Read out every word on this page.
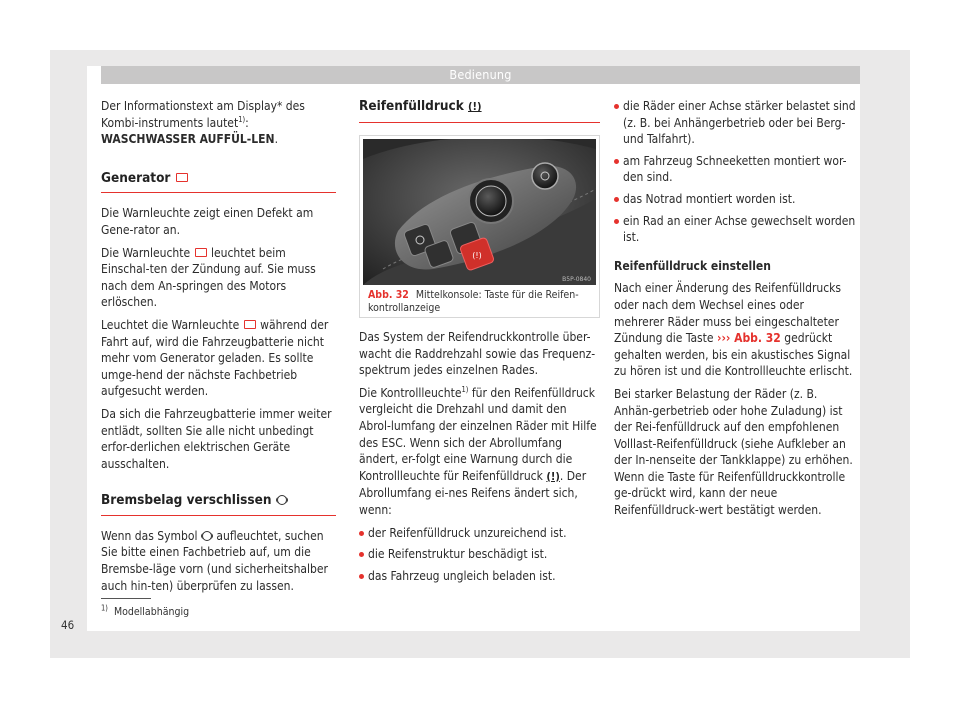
Bedienung

Der Informationstext am Display* des Kombi-instruments lautet$^{1)}$: WASCHWASSER AUFFÜL-LEN.

Generator

Die Warnleuchte zeigt einen Defekt am Gene-rator an.

Die Warnleuchte leuchtet beim Einschal-ten der Zündung auf. Sie muss nach dem An-springen des Motors erlöschen.

Leuchtet die Warnleuchte während der Fahrt auf, wird die Fahrzeugbatterie nicht mehr vom Generator geladen. Es sollte umge-hend der nächste Fachbetrieb aufgesucht werden.

Da sich die Fahrzeugbatterie immer weiter entlädt, sollten Sie alle nicht unbedingt erfor-derlichen elektrischen Geräte ausschalten.

Bremsbelag verschlissen

Wenn das Symbol aufleuchtet, suchen Sie bitte einen Fachbetrieb auf, um die Bremsbe-läge vorn (und sicherheitshalber auch hin-ten) überprüfen zu lassen.

Reifenfülldruck (!)
(!)
B5P-0840
Abb. 32 Mittelkonsole: Taste für die Reifen-kontrollanzeige

Das System der Reifendruckkontrolle über-wacht die Raddrehzahl sowie das Frequenz-spektrum jedes einzelnen Rades.

Die Kontrollleuchte$^{1)}$ für den Reifenfülldruck vergleicht die Drehzahl und damit den Abrol-lumfang der einzelnen Räder mit Hilfe des ESC. Wenn sich der Abrollumfang ändert, er-folgt eine Warnung durch die Kontrollleuchte für Reifenfülldruck (!). Der Abrollumfang ei-nes Reifens ändert sich, wenn:

der Reifenfülldruck unzureichend ist.
die Reifenstruktur beschädigt ist.
das Fahrzeug ungleich beladen ist.
die Räder einer Achse stärker belastet sind (z. B. bei Anhängerbetrieb oder bei Berg- und Talfahrt).
am Fahrzeug Schneeketten montiert wor-den sind.
das Notrad montiert worden ist.
ein Rad an einer Achse gewechselt worden ist.

Reifenfülldruck einstellen

Nach einer Änderung des Reifenfülldrucks oder nach dem Wechsel eines oder mehrerer Räder muss bei eingeschalteter Zündung die Taste ››› Abb. 32 gedrückt gehalten werden, bis ein akustisches Signal zu hören ist und die Kontrollleuchte erlischt.

Bei starker Belastung der Räder (z. B. Anhän-gerbetrieb oder hohe Zuladung) ist der Rei-fenfülldruck auf den empfohlenen Volllast-Reifenfülldruck (siehe Aufkleber an der In-nenseite der Tankklappe) zu erhöhen. Wenn die Taste für Reifenfülldruckkontrolle ge-drückt wird, kann der neue Reifenfülldruck-wert bestätigt werden.

$^{1)}$ Modellabhängig
46
